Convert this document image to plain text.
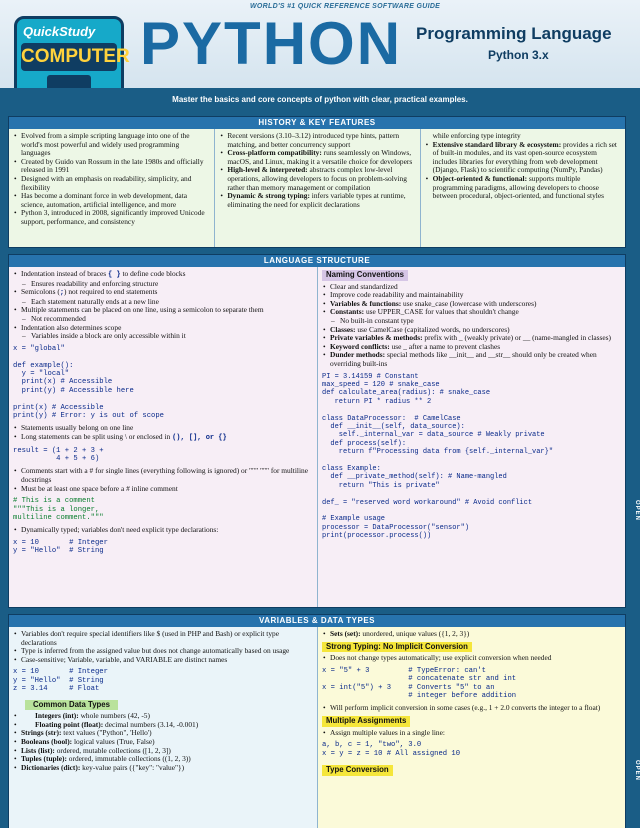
WORLD'S #1 QUICK REFERENCE SOFTWARE GUIDE
QuickStudy
COMPUTER PYTHON Programming Language
Python 3.x
Master the basics and core concepts of python with clear, practical examples.
HISTORY & KEY FEATURES
• Evolved from a simple scripting language into one of the world's most powerful and widely used programming languages
• Created by Guido van Rossum in the late 1980s and officially released in 1991
• Designed with an emphasis on readability, simplicity, and flexibility
• Has become a dominant force in web development, data science, automation, artificial intelligence, and more
• Python 3, introduced in 2008, significantly improved Unicode support, performance, and consistency
• Recent versions (3.10–3.12) introduced type hints, pattern matching, and better concurrency support
• Cross-platform compatibility: runs seamlessly on Windows, macOS, and Linux, making it a versatile choice for developers
• High-level & interpreted: abstracts complex low-level operations, allowing developers to focus on problem-solving rather than memory management or compilation
• Dynamic & strong typing: infers variable types at runtime, eliminating the need for explicit declarations
while enforcing type integrity
• Extensive standard library & ecosystem: provides a rich set of built-in modules, and its vast open-source ecosystem includes libraries for everything from web development (Django, Flask) to scientific computing (NumPy, Pandas)
• Object-oriented & functional: supports multiple programming paradigms, allowing developers to choose between procedural, object-oriented, and functional styles
LANGUAGE STRUCTURE
• Indentation instead of braces { } to define code blocks
– Ensures readability and enforcing structure
• Semicolons (;) not required to end statements
– Each statement naturally ends at a new line
• Multiple statements can be placed on one line, using a semicolon to separate them
– Not recommended
• Indentation also determines scope
– Variables inside a block are only accessible within it
x = "global"

def example():
y = "local"
print(x) # Accessible
print(y) # Accessible here

print(x) # Accessible
print(y) # Error: y is out of scope
• Statements usually belong on one line
• Long statements can be split using \ or enclosed in (), [], or {}
result = (1 + 2 + 3 +
4 + 5 + 6)
• Comments start with a # for single lines (everything following is ignored) or """ """ for multiline docstrings
• Must be at least one space before a # inline comment
# This is a comment
"""This is a longer,
multiline comment."""
• Dynamically typed; variables don't need explicit type declarations:
x = 10       # Integer
y = "Hello"  # String
Naming Conventions
• Clear and standardized
• Improve code readability and maintainability
• Variables & functions: use snake_case (lowercase with underscores)
• Constants: use UPPER_CASE for values that shouldn't change
– No built-in constant type
• Classes: use CamelCase (capitalized words, no underscores)
• Private variables & methods: prefix with _ (weakly private) or __ (name-mangled in classes)
• Keyword conflicts: use _ after a name to prevent clashes
• Dunder methods: special methods like __init__ and __str__ should only be created when overriding built-ins
PI = 3.14159 # Constant
max_speed = 120 # snake_case
def calculate_area(radius): # snake_case
return PI * radius ** 2

class DataProcessor:  # CamelCase
def __init__(self, data_source):
self._internal_var = data_source # Weakly private
def process(self):
return f"Processing data from {self._internal_var}"

class Example:
def __private_method(self): # Name-mangled
return "This is private"

def_ = "reserved word workaround" # Avoid conflict

# Example usage
processor = DataProcessor("sensor")
print(processor.process())
VARIABLES & DATA TYPES
• Variables don't require special identifiers like $ (used in PHP and Bash) or explicit type declarations
• Type is inferred from the assigned value but does not change automatically based on usage
• Case-sensitive; Variable, variable, and VARIABLE are distinct names
x = 10       # Integer
y = "Hello"  # String
z = 3.14     # Float
Common Data Types
• Integers (int): whole numbers (42, -5)
• Floating point (float): decimal numbers (3.14, -0.001)
• Strings (str): text values ("Python", 'Hello')
• Booleans (bool): logical values (True, False)
• Lists (list): ordered, mutable collections ([1, 2, 3])
• Tuples (tuple): ordered, immutable collections ((1, 2, 3))
• Dictionaries (dict): key-value pairs ({"key": "value"})
• Sets (set): unordered, unique values ({1, 2, 3})
Strong Typing: No Implicit Conversion
• Does not change types automatically; use explicit conversion when needed
x = "5" + 3         # TypeError: can't
# concatenate str and int
x = int("5") + 3    # Converts "5" to an
# integer before addition
• Will perform implicit conversion in some cases (e.g., 1 + 2.0 converts the integer to a float)
Multiple Assignments
• Assign multiple values in a single line:
a, b, c = 1, "two", 3.0
x = y = z = 10 # All assigned 10
Type Conversion
OPEN
OPEN
